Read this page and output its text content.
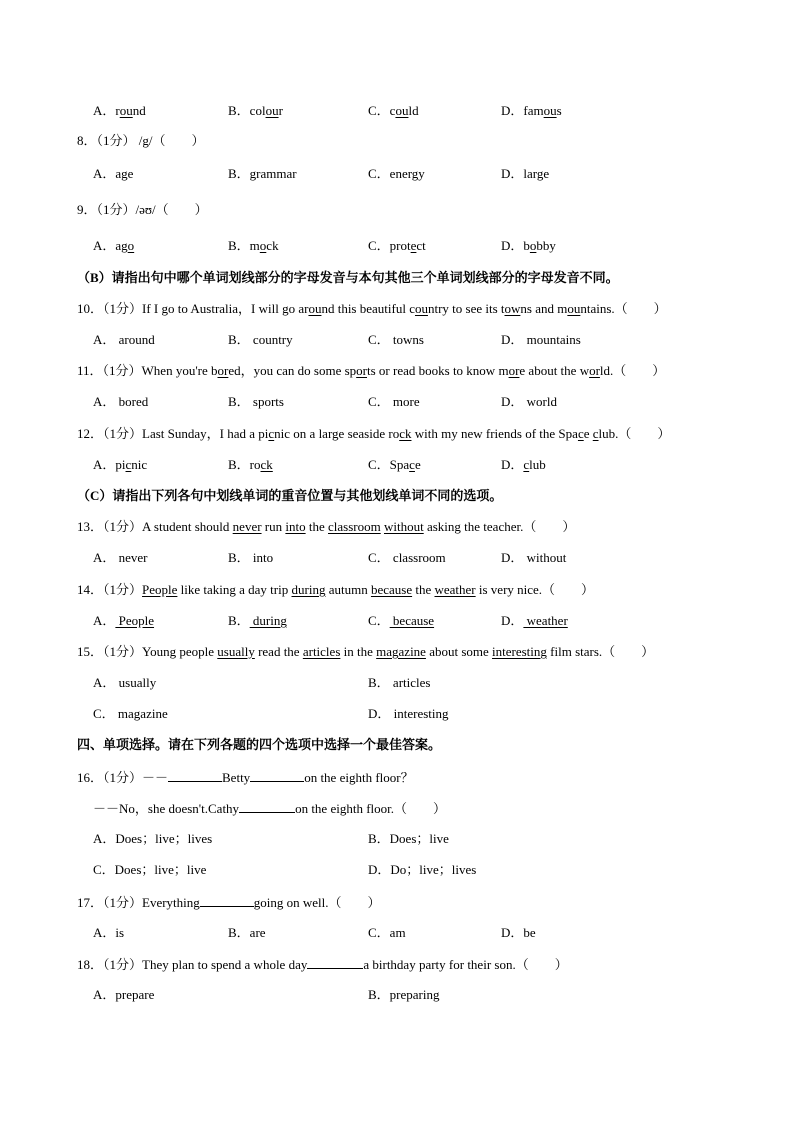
A．round	B．colour	C．could	D．famous
8．（1分） /g/（　　）
A．age	B．grammar	C．energy	D．large
9．（1分）/əʊ/（　　）
A．ago	B．mock	C．protect	D．bobby
（B）请指出句中哪个单词划线部分的字母发音与本句其他三个单词划线部分的字母发音不同。
10．（1分）If I go to Australia，I will go around this beautiful country to see its towns and mountains.（　　）
A． around	B． country	C． towns	D． mountains
11．（1分）When you're bored，you can do some sports or read books to know more about the world.（　　）
A． bored	B． sports	C． more	D． world
12．（1分）Last Sunday，I had a picnic on a large seaside rock with my new friends of the Space club.（　　）
A．picnic	B．rock	C．Space	D．club
（C）请指出下列各句中划线单词的重音位置与其他划线单词不同的选项。
13．（1分）A student should never run into the classroom without asking the teacher.（　　）
A． never	B． into	C． classroom	D． without
14．（1分）People like taking a day trip during autumn because the weather is very nice.（　　）
A． People	B． during	C． because	D． weather
15．（1分）Young people usually read the articles in the magazine about some interesting film stars.（　　）
A． usually	B． articles
C． magazine	D． interesting
四、单项选择。请在下列各题的四个选项中选择一个最佳答案。
16．（1分）－－	Betty	on the eighth floor？
－－No，she doesn't.Cathy	on the eighth floor.（　　）
A．Does；live；lives	B．Does；live
C．Does；live；live	D．Do；live；lives
17．（1分）Everything	going on well.（　　）
A．is	B．are	C．am	D．be
18．（1分）They plan to spend a whole day	a birthday party for their son.（　　）
A．prepare	B．preparing
